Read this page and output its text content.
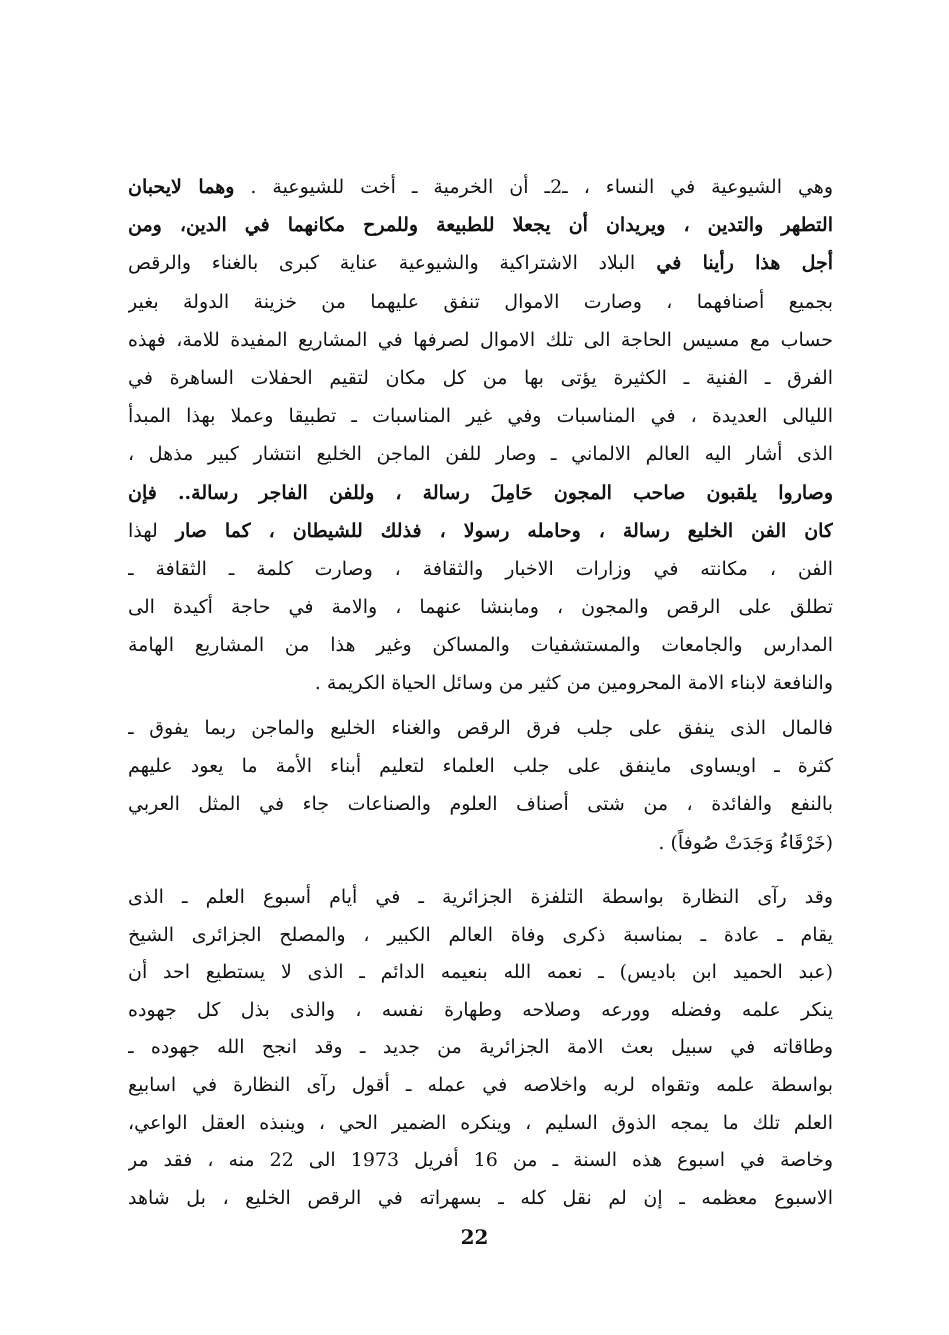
وهي الشيوعية في النساء ، ـ2ـ أن الخرمية ـ أخت للشيوعية . وهما لايحبان
التطهر والتدين ، ويريدان أن يجعلا للطبيعة وللمرح مكانهما في الدين، ومن
أجل هذا رأينا في البلاد الاشتراكية والشيوعية عناية كبرى بالغناء والرقص
بجميع أصنافهما ، وصارت الاموال تنفق عليهما من خزينة الدولة بغير
حساب مع مسيس الحاجة الى تلك الاموال لصرفها في المشاريع المفيدة للامة، فهذه
الفرق ـ الفنية ـ الكثيرة يؤتى بها من كل مكان لتقيم الحفلات الساهرة في
الليالى العديدة ، في المناسبات وفي غير المناسبات ـ تطبيقا وعملا بهذا المبدأ
الذى أشار اليه العالم الالماني ـ وصار للفن الماجن الخليع انتشار كبير مذهل ،
وصاروا يلقبون صاحب المجون حَامِلَ رسالة ، وللفن الفاجر رسالة.. فإن
كان الفن الخليع رسالة ، وحامله رسولا ، فذلك للشيطان ، كما صار لهذا
الفن ، مكانته في وزارات الاخبار والثقافة ، وصارت كلمة ـ الثقافة ـ
تطلق على الرقص والمجون ، ومابنشا عنهما ، والامة في حاجة أكيدة الى
المدارس والجامعات والمستشفيات والمساكن وغير هذا من المشاريع الهامة
والنافعة لابناء الامة المحرومين من كثير من وسائل الحياة الكريمة .
فالمال الذى ينفق على جلب فرق الرقص والغناء الخليع والماجن ربما يفوق ـ
كثرة ـ اويساوى ماينفق على جلب العلماء لتعليم أبناء الأمة ما يعود عليهم
بالنفع والفائدة ، من شتى أصناف العلوم والصناعات جاء في المثل العربي
(خَرْقَاءُ وَجَدَتْ صُوفاً) .
وقد رآى النظارة بواسطة التلفزة الجزائرية ـ في أيام أسبوع العلم ـ الذى
يقام ـ عادة ـ بمناسبة ذكرى وفاة العالم الكبير ، والمصلح الجزائرى الشيخ
(عبد الحميد ابن باديس) ـ نعمه الله بنعيمه الدائم ـ الذى لا يستطيع احد أن
ينكر علمه وفضله وورعه وصلاحه وطهارة نفسه ، والذى بذل كل جهوده
وطاقاته في سبيل بعث الامة الجزائرية من جديد ـ وقد انجح الله جهوده ـ
بواسطة علمه وتقواه لربه واخلاصه في عمله ـ أقول رآى النظارة في اسابيع
العلم تلك ما يمجه الذوق السليم ، وينكره الضمير الحي ، وينبذه العقل الواعي،
وخاصة في اسبوع هذه السنة ـ من 16 أفريل 1973 الى 22 منه ، فقد مر
الاسبوع معظمه ـ إن لم نقل كله ـ بسهراته في الرقص الخليع ، بل شاهد
22
